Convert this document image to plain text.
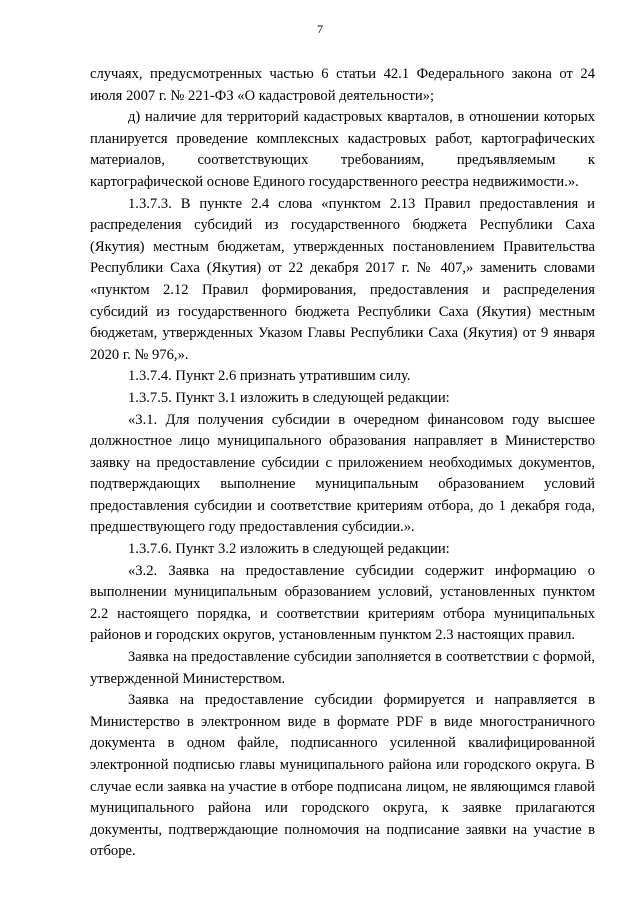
7

случаях, предусмотренных частью 6 статьи 42.1 Федерального закона от 24 июля 2007 г. № 221-ФЗ «О кадастровой деятельности»;

д) наличие для территорий кадастровых кварталов, в отношении которых планируется проведение комплексных кадастровых работ, картографических материалов, соответствующих требованиям, предъявляемым к картографической основе Единого государственного реестра недвижимости.».

1.3.7.3. В пункте 2.4 слова «пунктом 2.13 Правил предоставления и распределения субсидий из государственного бюджета Республики Саха (Якутия) местным бюджетам, утвержденных постановлением Правительства Республики Саха (Якутия) от 22 декабря 2017 г. № 407,» заменить словами «пунктом 2.12 Правил формирования, предоставления и распределения субсидий из государственного бюджета Республики Саха (Якутия) местным бюджетам, утвержденных Указом Главы Республики Саха (Якутия) от 9 января 2020 г. № 976,».

1.3.7.4. Пункт 2.6 признать утратившим силу.

1.3.7.5. Пункт 3.1 изложить в следующей редакции:

«3.1. Для получения субсидии в очередном финансовом году высшее должностное лицо муниципального образования направляет в Министерство заявку на предоставление субсидии с приложением необходимых документов, подтверждающих выполнение муниципальным образованием условий предоставления субсидии и соответствие критериям отбора, до 1 декабря года, предшествующего году предоставления субсидии.».

1.3.7.6. Пункт 3.2 изложить в следующей редакции:

«3.2. Заявка на предоставление субсидии содержит информацию о выполнении муниципальным образованием условий, установленных пунктом 2.2 настоящего порядка, и соответствии критериям отбора муниципальных районов и городских округов, установленным пунктом 2.3 настоящих правил.

Заявка на предоставление субсидии заполняется в соответствии с формой, утвержденной Министерством.

Заявка на предоставление субсидии формируется и направляется в Министерство в электронном виде в формате PDF в виде многостраничного документа в одном файле, подписанного усиленной квалифицированной электронной подписью главы муниципального района или городского округа. В случае если заявка на участие в отборе подписана лицом, не являющимся главой муниципального района или городского округа, к заявке прилагаются документы, подтверждающие полномочия на подписание заявки на участие в отборе.
